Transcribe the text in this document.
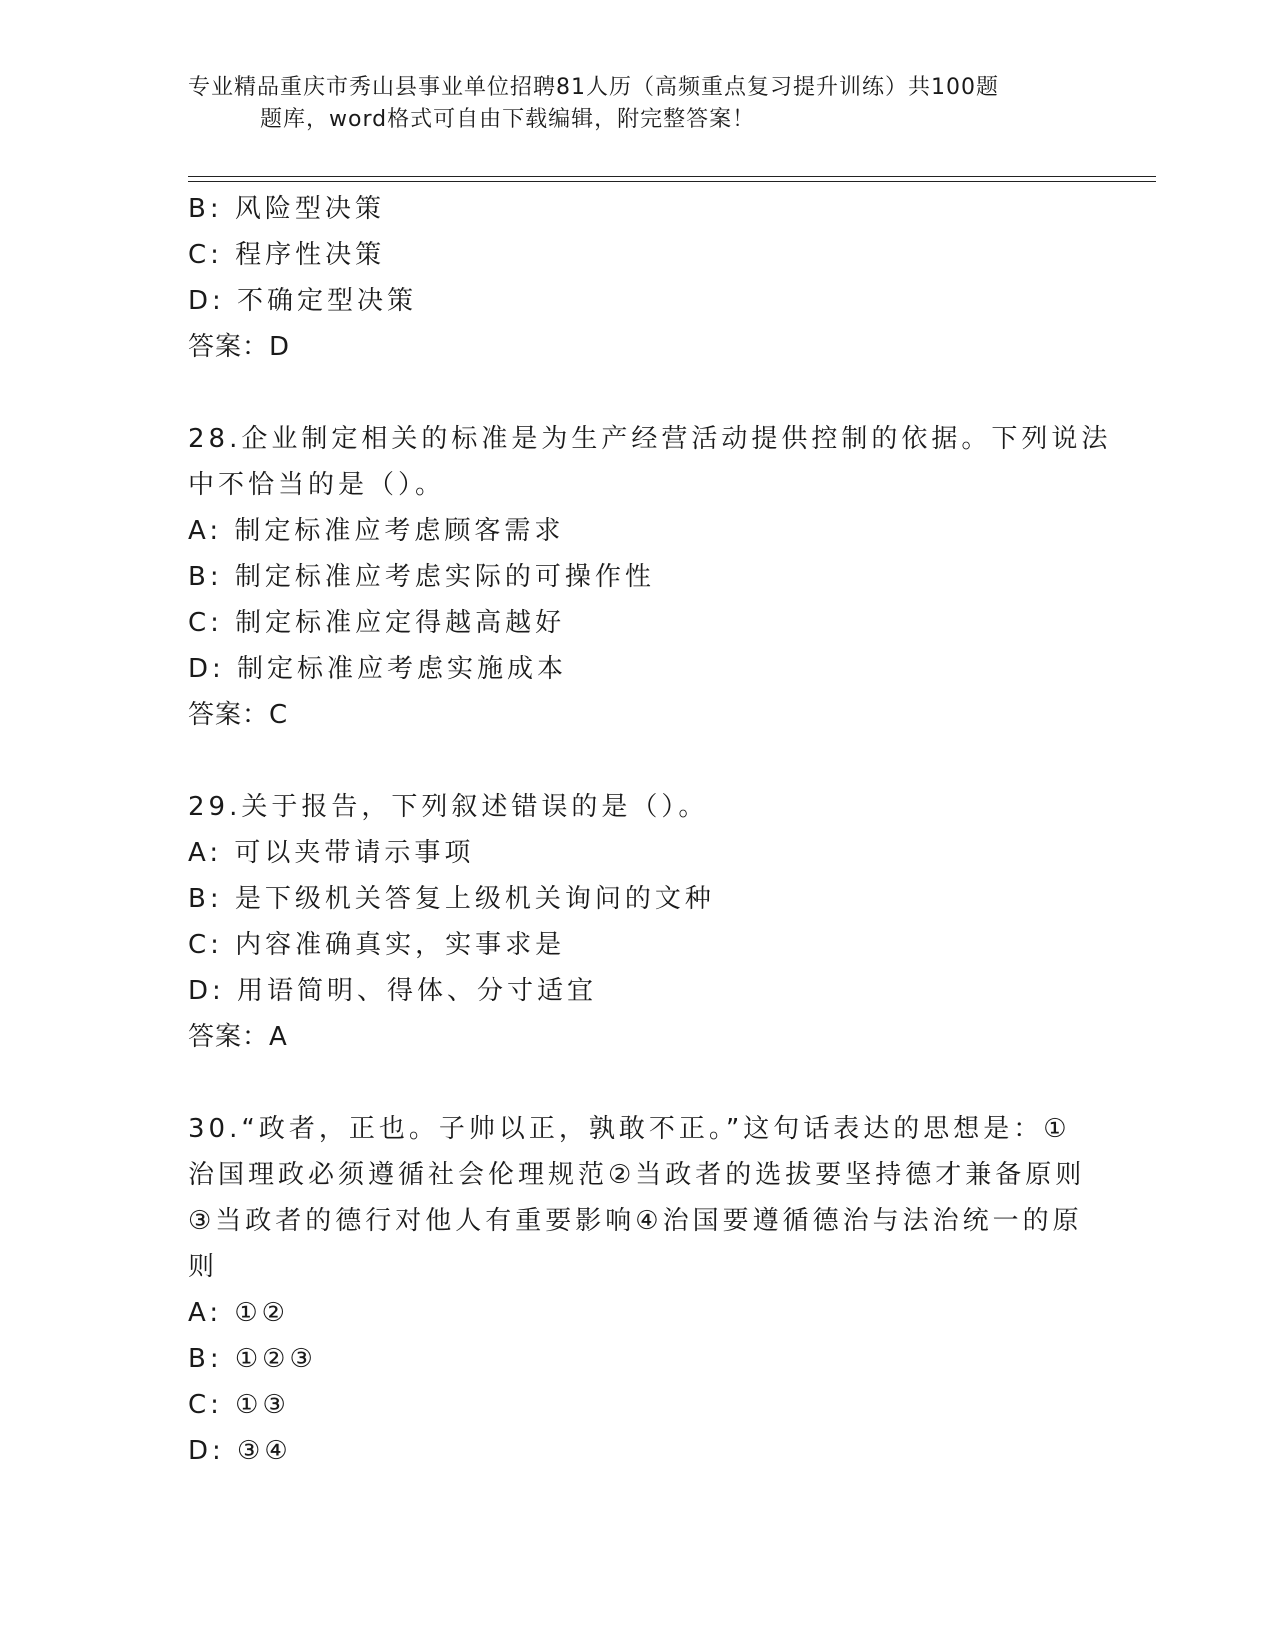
专业精品重庆市秀山县事业单位招聘81人历（高频重点复习提升训练）共100题
题库，word格式可自由下载编辑，附完整答案！
B: 风险型决策
C: 程序性决策
D: 不确定型决策
答案：D
28.企业制定相关的标准是为生产经营活动提供控制的依据。下列说法
中不恰当的是（）。
A: 制定标准应考虑顾客需求
B: 制定标准应考虑实际的可操作性
C: 制定标准应定得越高越好
D: 制定标准应考虑实施成本
答案：C
29.关于报告，下列叙述错误的是（）。
A: 可以夹带请示事项
B: 是下级机关答复上级机关询问的文种
C: 内容准确真实，实事求是
D: 用语简明、得体、分寸适宜
答案：A
30.“政者，正也。子帅以正，孰敢不正。”这句话表达的思想是：①
治国理政必须遵循社会伦理规范②当政者的选拔要坚持德才兼备原则
③当政者的德行对他人有重要影响④治国要遵循德治与法治统一的原
则
A: ①②
B: ①②③
C: ①③
D: ③④
